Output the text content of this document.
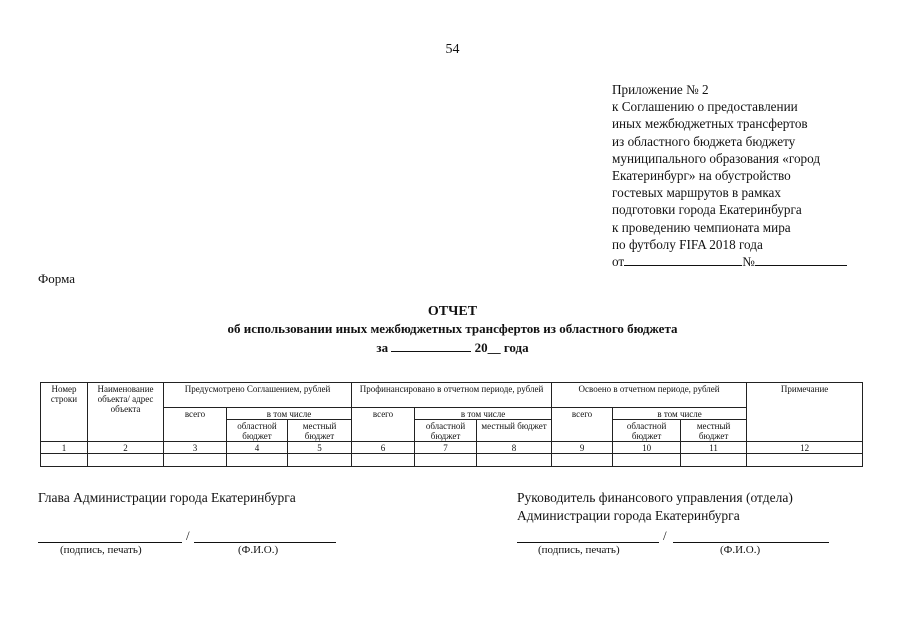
54
Приложение № 2
к Соглашению о предоставлении
иных межбюджетных трансфертов
из областного бюджета бюджету
муниципального образования «город
Екатеринбург» на обустройство
гостевых маршрутов в рамках
подготовки города Екатеринбурга
к проведению чемпионата мира
по футболу FIFA 2018 года
от	№
Форма
ОТЧЕТ
об использовании иных межбюджетных трансфертов из областного бюджета
за	20__ года
Номер строки	Наименование объекта/ адрес объекта	Предусмотрено Соглашением, рублей			Профинансировано в отчетном периоде, рублей			Освоено в отчетном периоде, рублей			Примечание
		всего	в том числе		всего	в том числе		всего	в том числе		
			областной бюджет	местный бюджет		областной бюджет	местный бюджет		областной бюджет	местный бюджет	
1	2	3	4	5	6	7	8	9	10	11	12

Глава Администрации города Екатеринбурга
/
(подпись, печать)	(Ф.И.О.)
Руководитель финансового управления (отдела)
Администрации города Екатеринбурга
/
(подпись, печать)	(Ф.И.О.)
